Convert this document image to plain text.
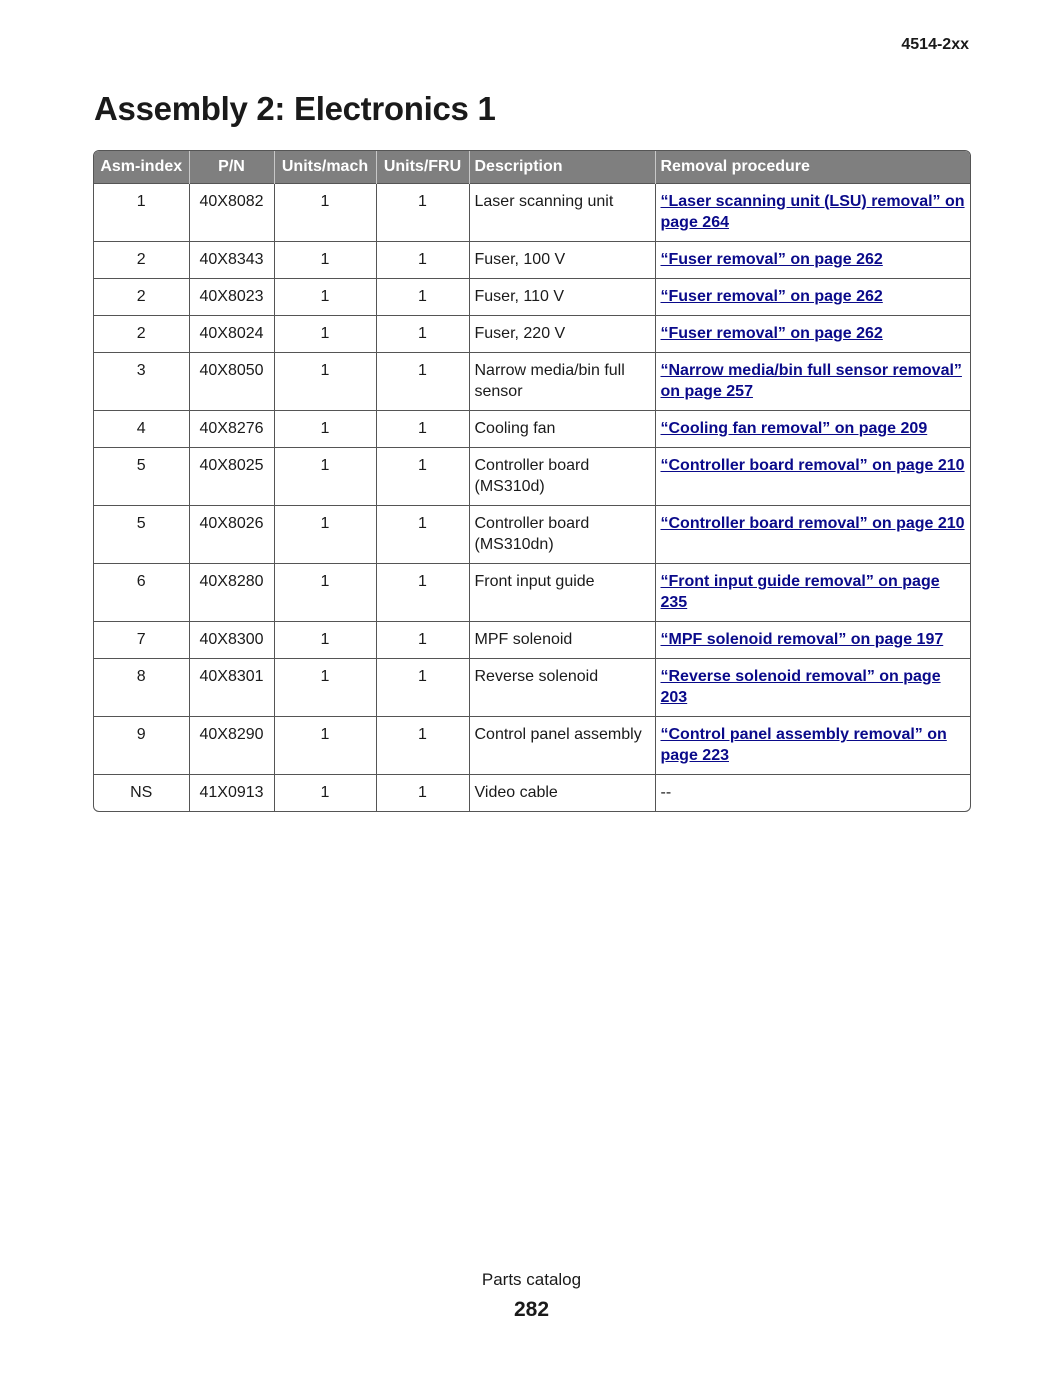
4514-2xx
Assembly 2: Electronics 1
Asm-index	P/N	Units/mach	Units/FRU	Description	Removal procedure
1	40X8082	1	1	Laser scanning unit	“Laser scanning unit (LSU) removal” on page 264
2	40X8343	1	1	Fuser, 100 V	“Fuser removal” on page 262
2	40X8023	1	1	Fuser, 110 V	“Fuser removal” on page 262
2	40X8024	1	1	Fuser, 220 V	“Fuser removal” on page 262
3	40X8050	1	1	Narrow media/bin full sensor	“Narrow media/bin full sensor removal” on page 257
4	40X8276	1	1	Cooling fan	“Cooling fan removal” on page 209
5	40X8025	1	1	Controller board (MS310d)	“Controller board removal” on page 210
5	40X8026	1	1	Controller board (MS310dn)	“Controller board removal” on page 210
6	40X8280	1	1	Front input guide	“Front input guide removal” on page 235
7	40X8300	1	1	MPF solenoid	“MPF solenoid removal” on page 197
8	40X8301	1	1	Reverse solenoid	“Reverse solenoid removal” on page 203
9	40X8290	1	1	Control panel assembly	“Control panel assembly removal” on page 223
NS	41X0913	1	1	Video cable	--
Parts catalog
282
